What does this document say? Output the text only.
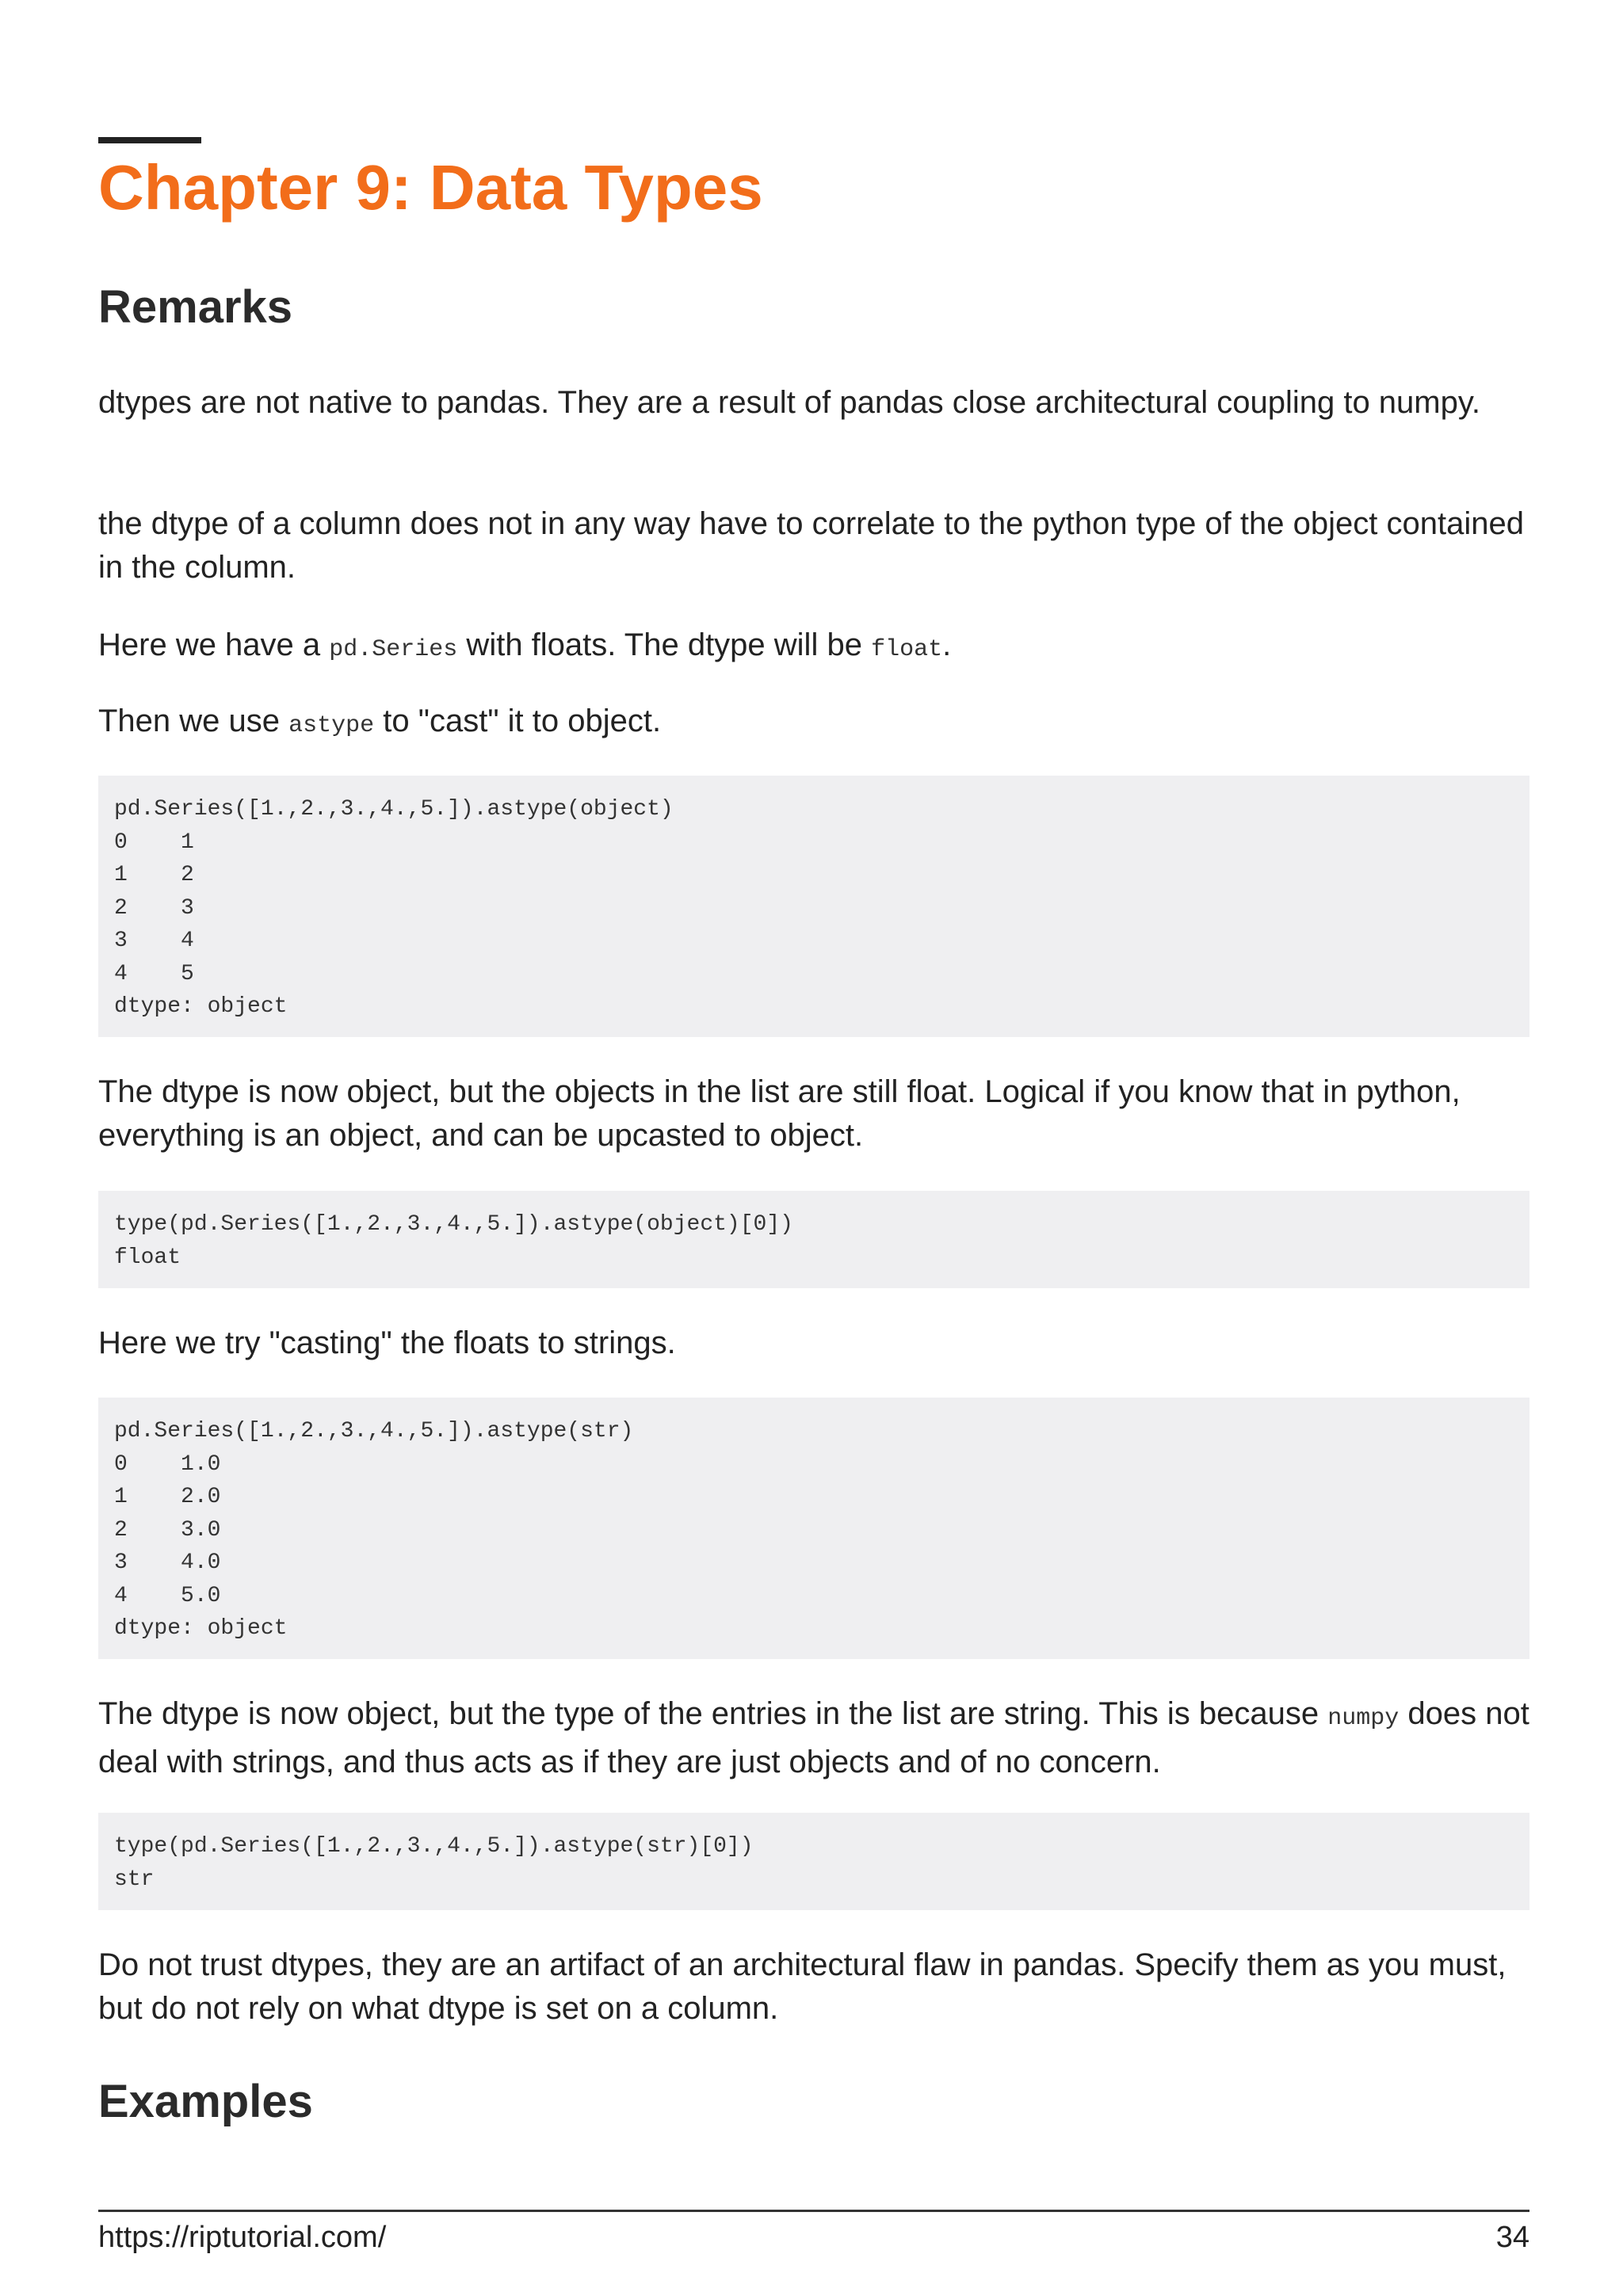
Chapter 9: Data Types
Remarks

dtypes are not native to pandas. They are a result of pandas close architectural coupling to numpy.

the dtype of a column does not in any way have to correlate to the python type of the object contained in the column.

Here we have a pd.Series with floats. The dtype will be float.

Then we use astype to "cast" it to object.

pd.Series([1.,2.,3.,4.,5.]).astype(object)
0    1
1    2
2    3
3    4
4    5
dtype: object

The dtype is now object, but the objects in the list are still float. Logical if you know that in python, everything is an object, and can be upcasted to object.

type(pd.Series([1.,2.,3.,4.,5.]).astype(object)[0])
float

Here we try "casting" the floats to strings.

pd.Series([1.,2.,3.,4.,5.]).astype(str)
0    1.0
1    2.0
2    3.0
3    4.0
4    5.0
dtype: object

The dtype is now object, but the type of the entries in the list are string. This is because numpy does not deal with strings, and thus acts as if they are just objects and of no concern.

type(pd.Series([1.,2.,3.,4.,5.]).astype(str)[0])
str

Do not trust dtypes, they are an artifact of an architectural flaw in pandas. Specify them as you must, but do not rely on what dtype is set on a column.

Examples
https://riptutorial.com/	34
